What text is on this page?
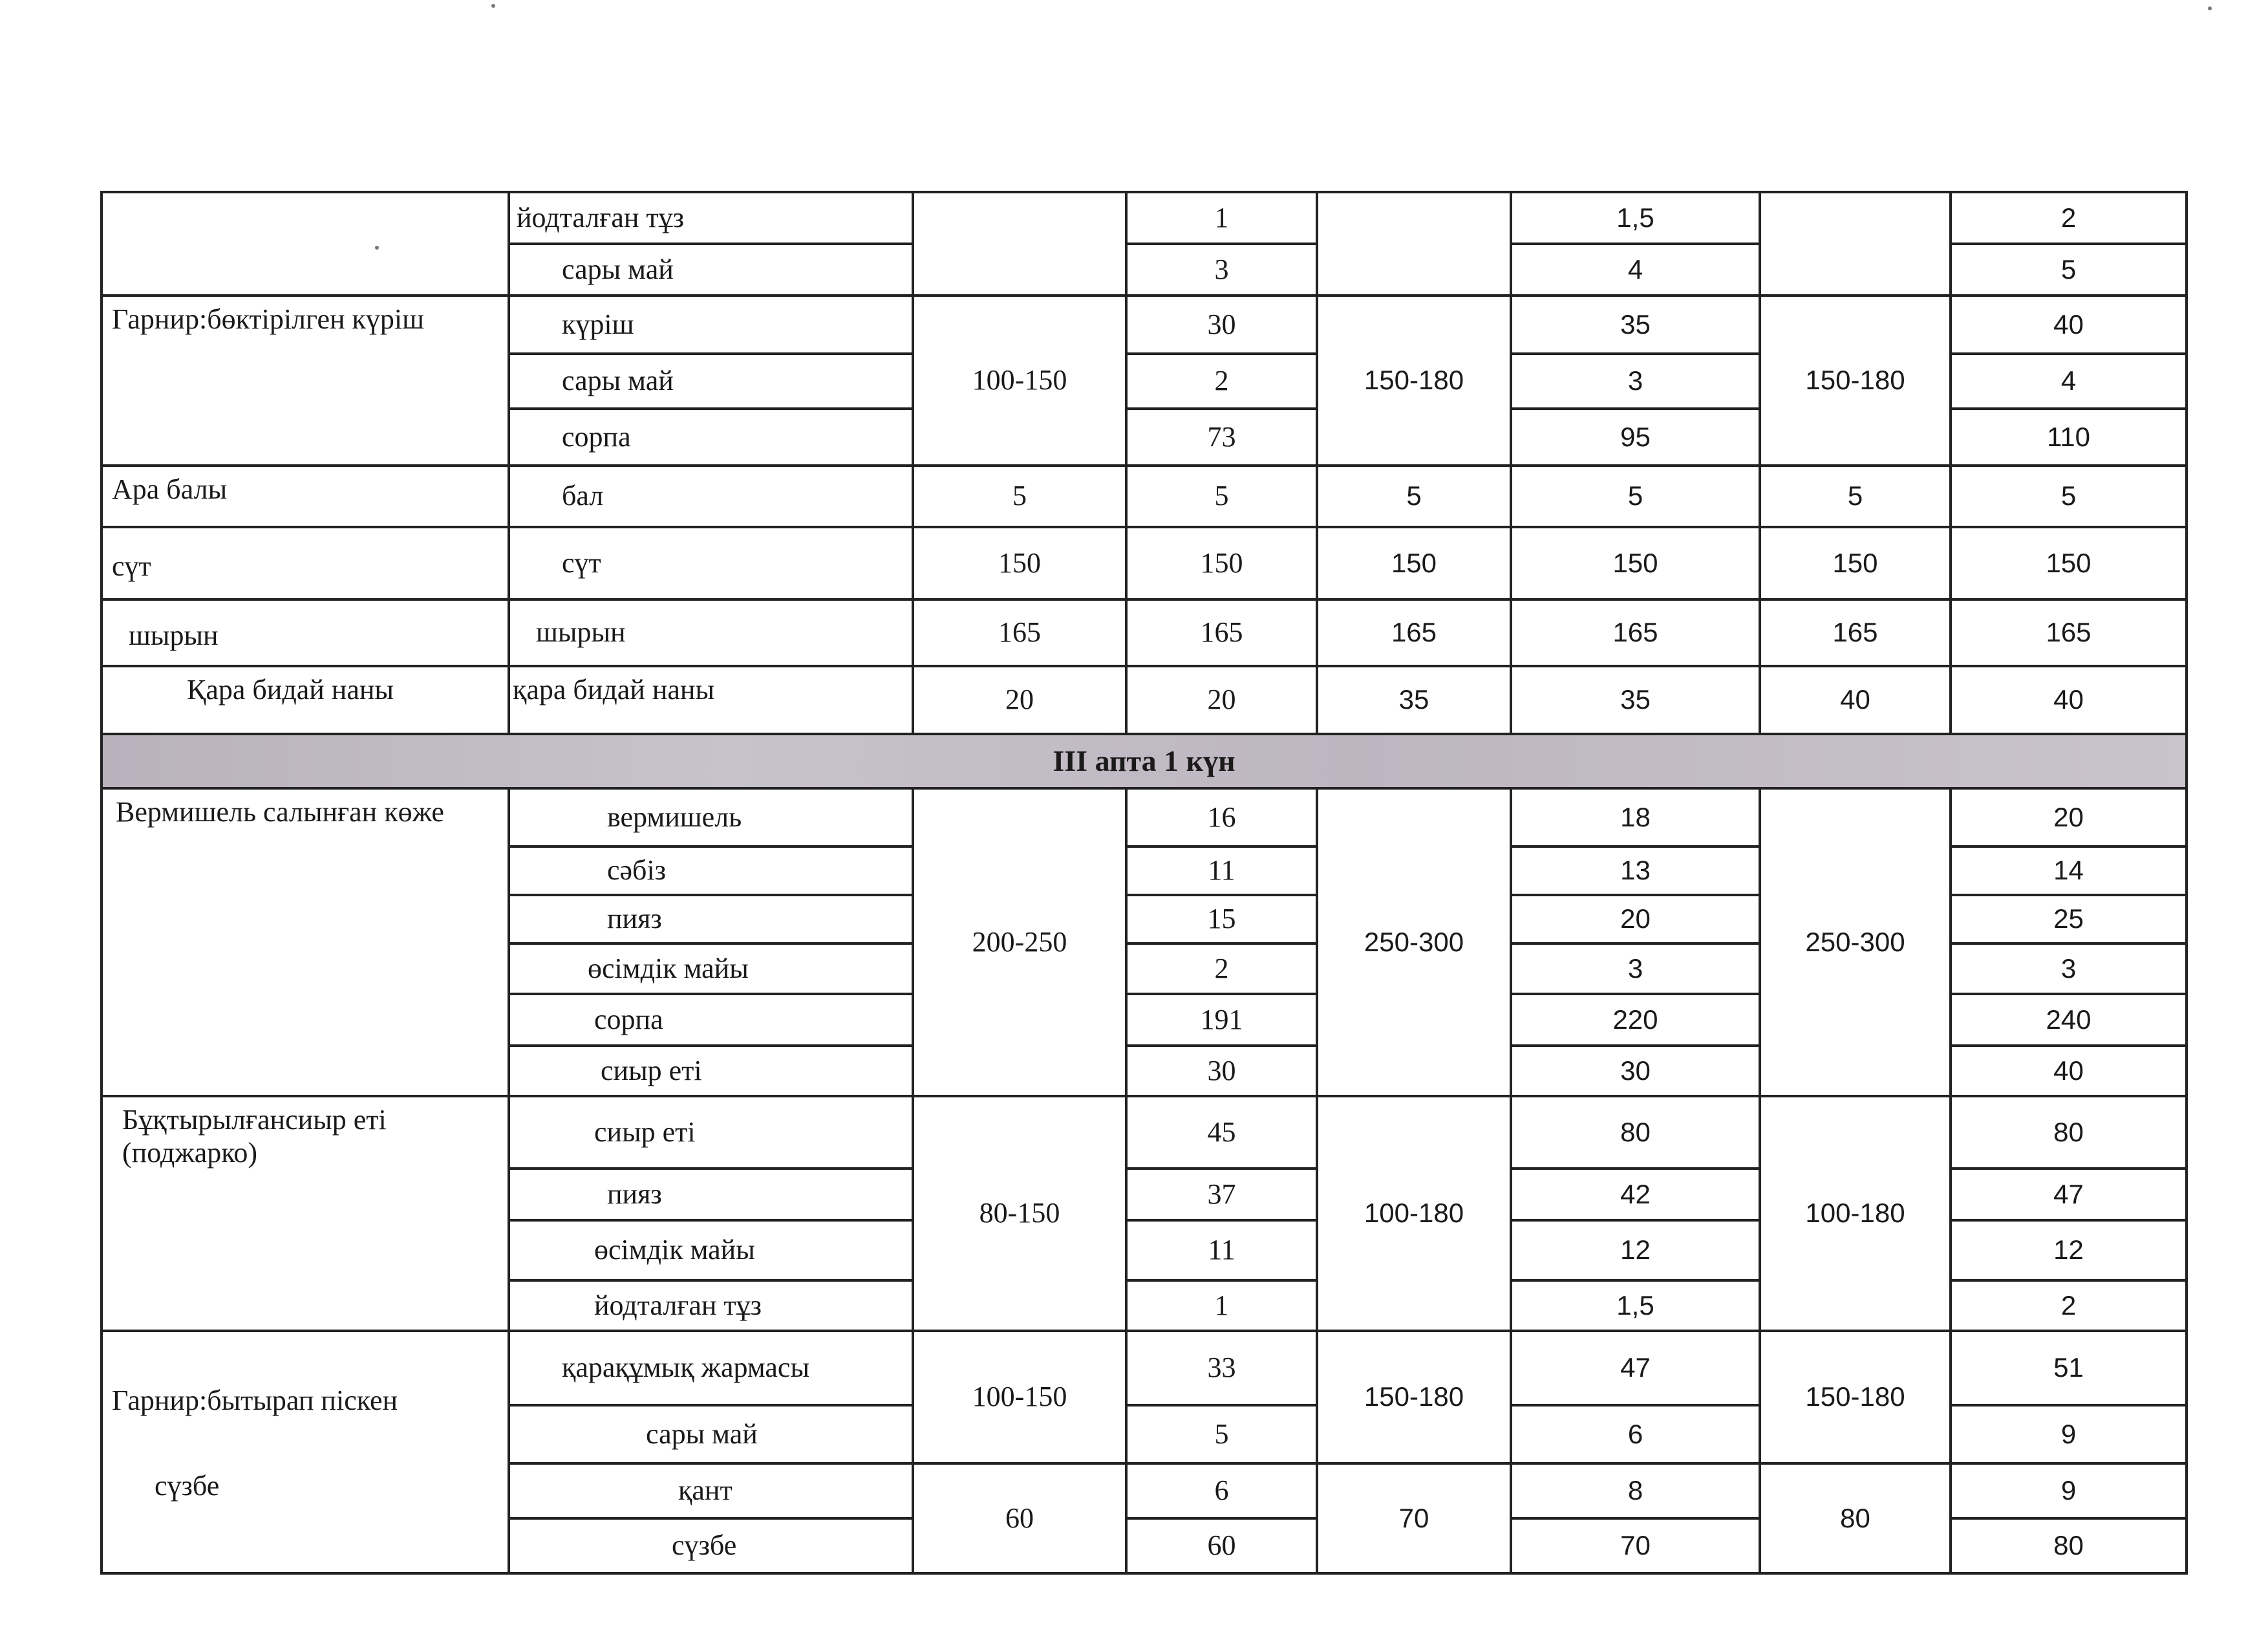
	йодталған тұз		1		1,5		2
	сары май		3		4		5
Гарнир:бөктірілген күріш	күріш	100-150	30	150-180	35	150-180	40
	сары май		2		3		4
	сорпа		73		95		110
Ара балы	бал	5	5	5	5	5	5
сүт	сүт	150	150	150	150	150	150
шырын	шырын	165	165	165	165	165	165
Қара бидай наны	қара бидай наны	20	20	35	35	40	40
III апта 1 күн							
Вермишель салынған көже	вермишель	200-250	16	250-300	18	250-300	20
	сәбіз		11		13		14
	пияз		15		20		25
	өсімдік майы		2		3		3
	сорпа		191		220		240
	сиыр еті		30		30		40
Бұқтырылғансиыр еті (поджарко)	сиыр еті	80-150	45	100-180	80	100-180	80
	пияз		37		42		47
	өсімдік майы		11		12		12
	йодталған тұз		1		1,5		2
Гарнир:бытырап піскен	қарақұмық жармасы	100-150	33	150-180	47	150-180	51
	сары май		5		6		9
сүзбе	қант	60	6	70	8	80	9
	сүзбе		60		70		80
